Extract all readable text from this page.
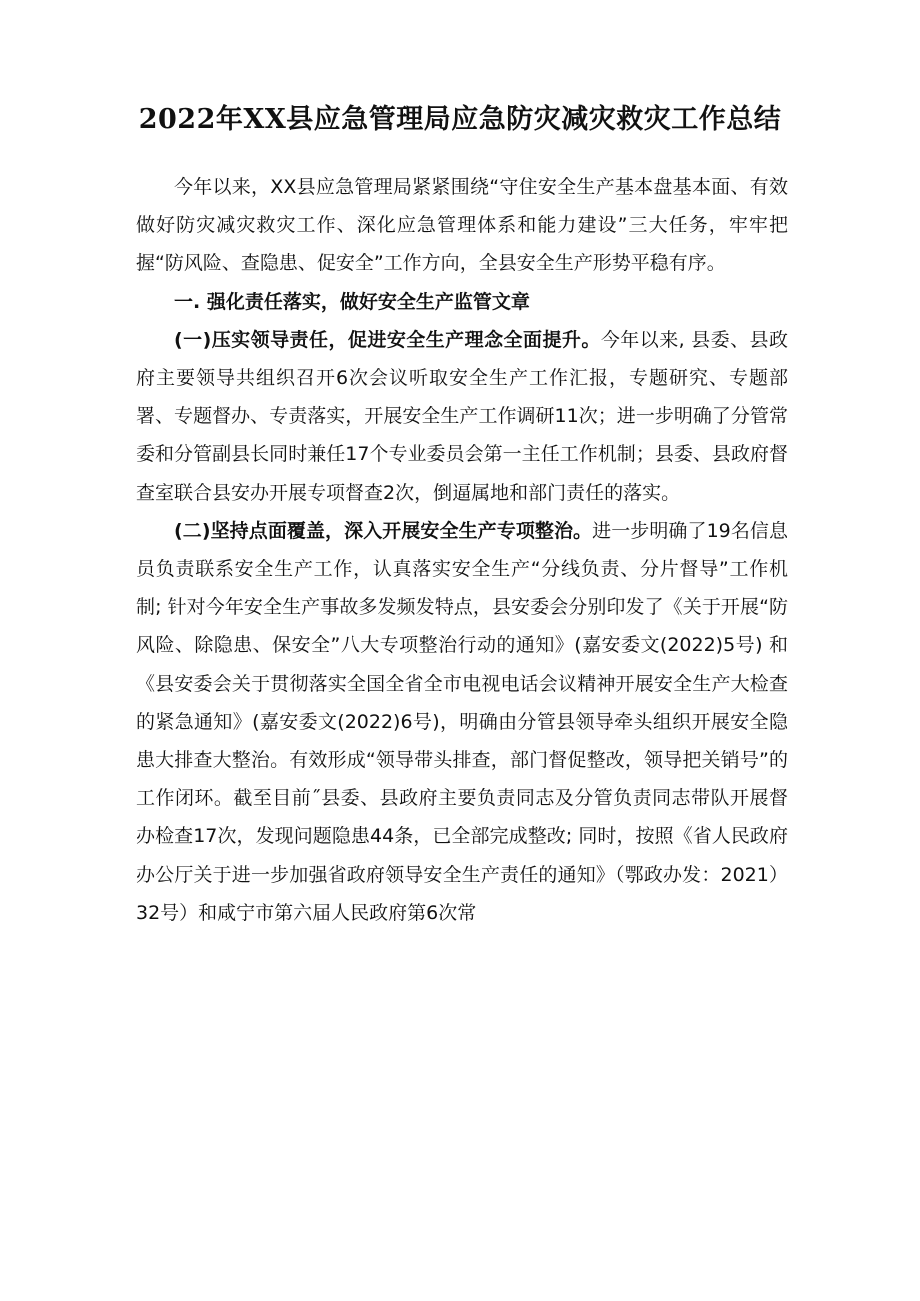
2022年XX县应急管理局应急防灾减灾救灾工作总结

今年以来，XX县应急管理局紧紧围绕“守住安全生产基本盘基本面、有效做好防灾减灾救灾工作、深化应急管理体系和能力建设”三大任务，牢牢把握“防风险、查隐患、促安全”工作方向，全县安全生产形势平稳有序。

一. 强化责任落实，做好安全生产监管文章

(一)压实领导责任，促进安全生产理念全面提升。今年以来, 县委、县政府主要领导共组织召开6次会议听取安全生产工作汇报，专题研究、专题部署、专题督办、专责落实，开展安全生产工作调研11次；进一步明确了分管常委和分管副县长同时兼任17个专业委员会第一主任工作机制；县委、县政府督查室联合县安办开展专项督查2次，倒逼属地和部门责任的落实。

(二)坚持点面覆盖，深入开展安全生产专项整治。进一步明确了19名信息员负责联系安全生产工作，认真落实安全生产“分线负责、分片督导”工作机制; 针对今年安全生产事故多发频发特点，县安委会分别印发了《关于开展“防风险、除隐患、保安全”八大专项整治行动的通知》(嘉安委文(2022)5号) 和《县安委会关于贯彻落实全国全省全市电视电话会议精神开展安全生产大检查的紧急通知》(嘉安委文(2022)6号)，明确由分管县领导牵头组织开展安全隐患大排查大整治。有效形成“领导带头排查，部门督促整改，领导把关销号”的工作闭环。截至目前˝县委、县政府主要负责同志及分管负责同志带队开展督办检查17次，发现问题隐患44条，已全部完成整改; 同时，按照《省人民政府办公厅关于进一步加强省政府领导安全生产责任的通知》（鄂政办发：2021）32号）和咸宁市第六届人民政府第6次常
